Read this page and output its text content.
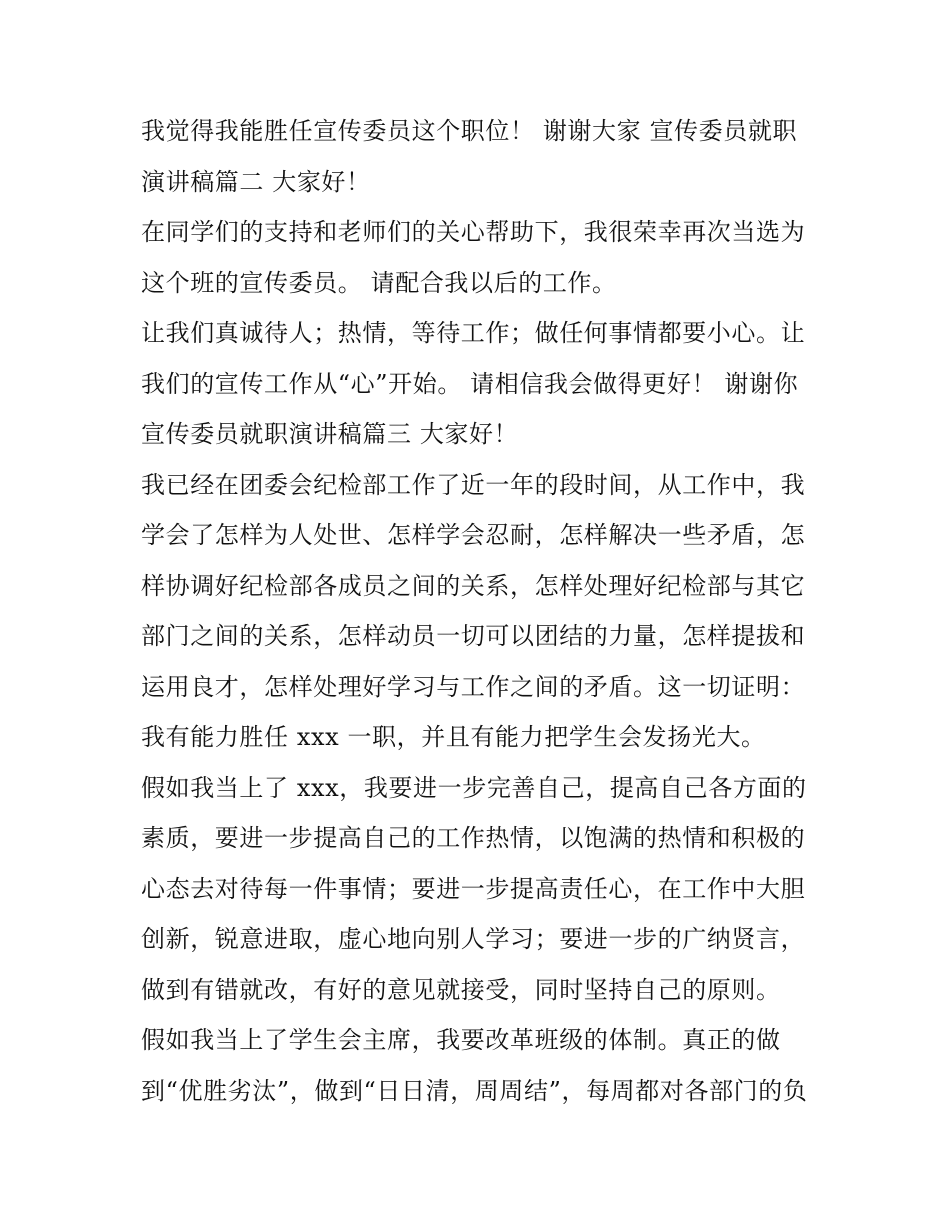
我觉得我能胜任宣传委员这个职位！ 谢谢大家 宣传委员就职
演讲稿篇二 大家好！
在同学们的支持和老师们的关心帮助下，我很荣幸再次当选为
这个班的宣传委员。 请配合我以后的工作。
让我们真诚待人；热情，等待工作；做任何事情都要小心。让
我们的宣传工作从“心”开始。 请相信我会做得更好！ 谢谢你
宣传委员就职演讲稿篇三 大家好！
我已经在团委会纪检部工作了近一年的段时间，从工作中，我
学会了怎样为人处世、怎样学会忍耐，怎样解决一些矛盾，怎
样协调好纪检部各成员之间的关系，怎样处理好纪检部与其它
部门之间的关系，怎样动员一切可以团结的力量，怎样提拔和
运用良才，怎样处理好学习与工作之间的矛盾。这一切证明：
我有能力胜任 xxx 一职，并且有能力把学生会发扬光大。
假如我当上了 xxx，我要进一步完善自己，提高自己各方面的
素质，要进一步提高自己的工作热情，以饱满的热情和积极的
心态去对待每一件事情；要进一步提高责任心，在工作中大胆
创新，锐意进取，虚心地向别人学习；要进一步的广纳贤言，
做到有错就改，有好的意见就接受，同时坚持自己的原则。
假如我当上了学生会主席，我要改革班级的体制。真正的做
到“优胜劣汰”，做到“日日清，周周结”，每周都对各部门的负
